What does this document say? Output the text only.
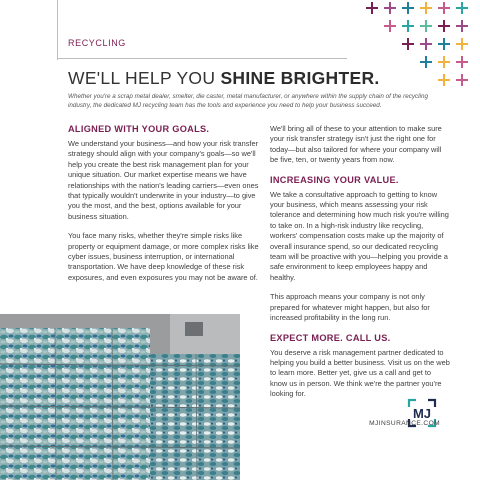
RECYCLING
WE'LL HELP YOU SHINE BRIGHTER.

Whether you're a scrap metal dealer, smelter, die caster, metal manufacturer, or anywhere within the supply chain of the recycling industry, the dedicated MJ recycling team has the tools and experience you need to help your business succeed.

ALIGNED WITH YOUR GOALS.

We understand your business—and how your risk transfer strategy should align with your company's goals—so we'll help you create the best risk management plan for your unique situation. Our market expertise means we have relationships with the nation's leading carriers—even ones that typically wouldn't underwrite in your industry—to give you the most, and the best, options available for your business situation.

You face many risks, whether they're simple risks like property or equipment damage, or more complex risks like cyber issues, business interruption, or international transportation. We have deep knowledge of these risk exposures, and even exposures you may not be aware of.

We'll bring all of these to your attention to make sure your risk transfer strategy isn't just the right one for today—but also tailored for where your company will be five, ten, or twenty years from now.

INCREASING YOUR VALUE.

We take a consultative approach to getting to know your business, which means assessing your risk tolerance and determining how much risk you're willing to take on. In a high-risk industry like recycling, workers' compensation costs make up the majority of overall insurance spend, so our dedicated recycling team will be proactive with you—helping you provide a safe environment to keep employees happy and healthy.

This approach means your company is not only prepared for whatever might happen, but also for increased profitability in the long run.

EXPECT MORE. CALL US.

You deserve a risk management partner dedicated to helping you build a better business. Visit us on the web to learn more. Better yet, give us a call and get to know us in person. We think we're the partner you're looking for.

MJ
MJINSURANCE.COM
